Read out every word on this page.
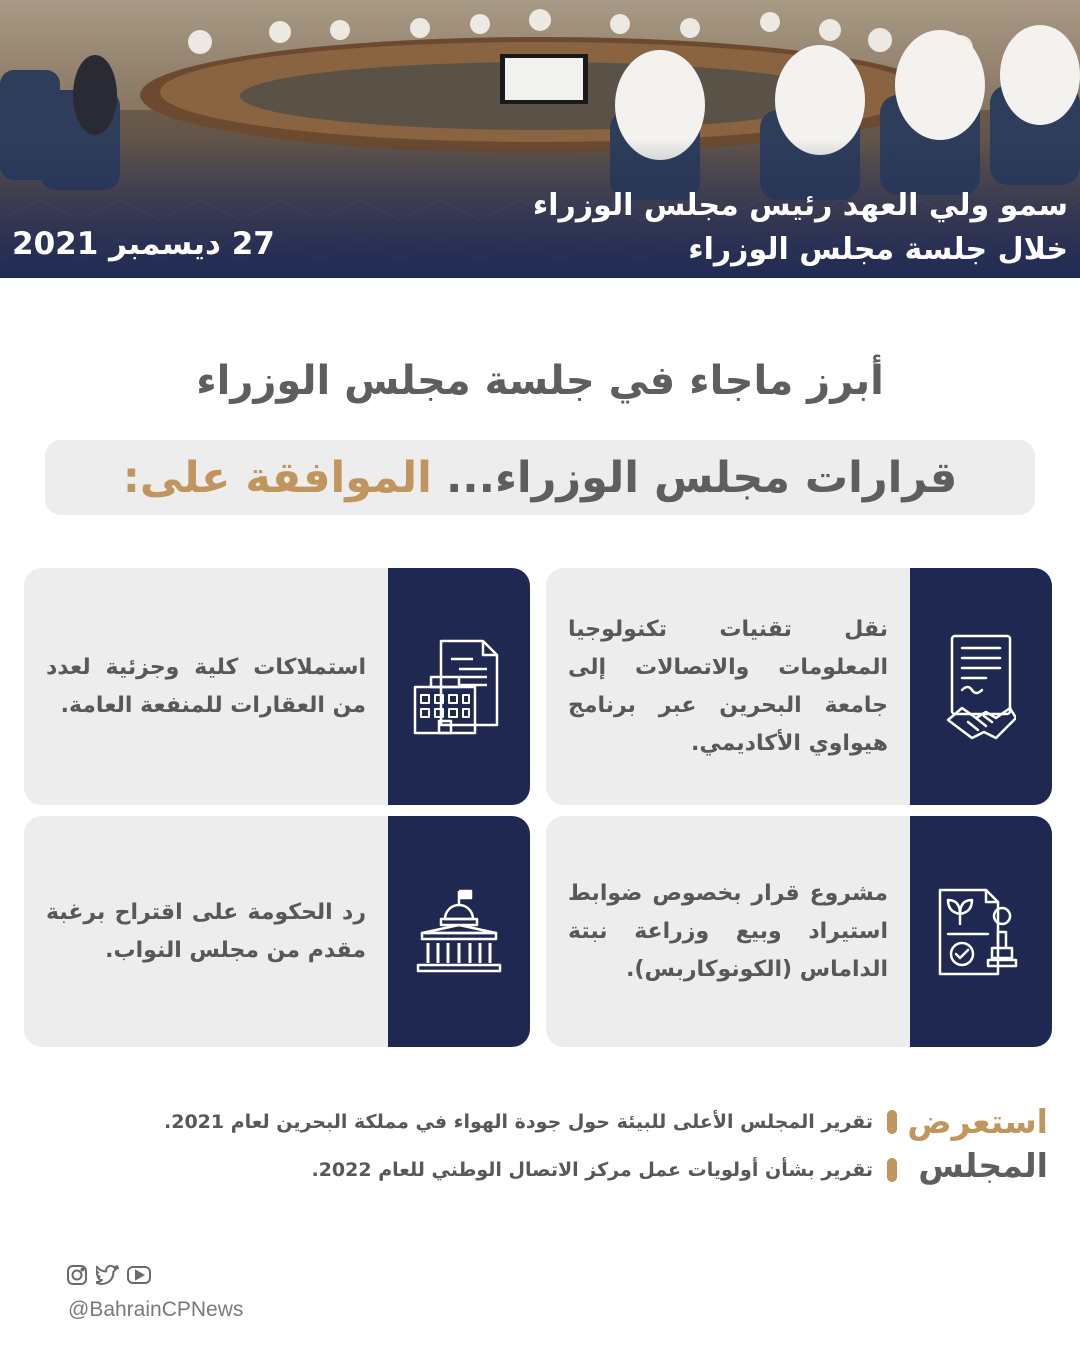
سمو ولي العهد رئيس مجلس الوزراء
خلال جلسة مجلس الوزراء
27 ديسمبر 2021
أبرز ماجاء في جلسة مجلس الوزراء
قرارات مجلس الوزراء...
الموافقة على:
نقل تقنيات تكنولوجيا المعلومات والاتصالات إلى جامعة البحرين عبر برنامج هيواوي الأكاديمي.
استملاكات كلية وجزئية لعدد من العقارات للمنفعة العامة.
مشروع قرار بخصوص ضوابط استيراد وبيع وزراعة نبتة الداماس (الكونوكاربس).
رد الحكومة على اقتراح برغبة مقدم من مجلس النواب.
استعرض
المجلس
تقرير المجلس الأعلى للبيئة حول جودة الهواء في مملكة البحرين لعام 2021.
تقرير بشأن أولويات عمل مركز الاتصال الوطني للعام 2022.
@BahrainCPNews
